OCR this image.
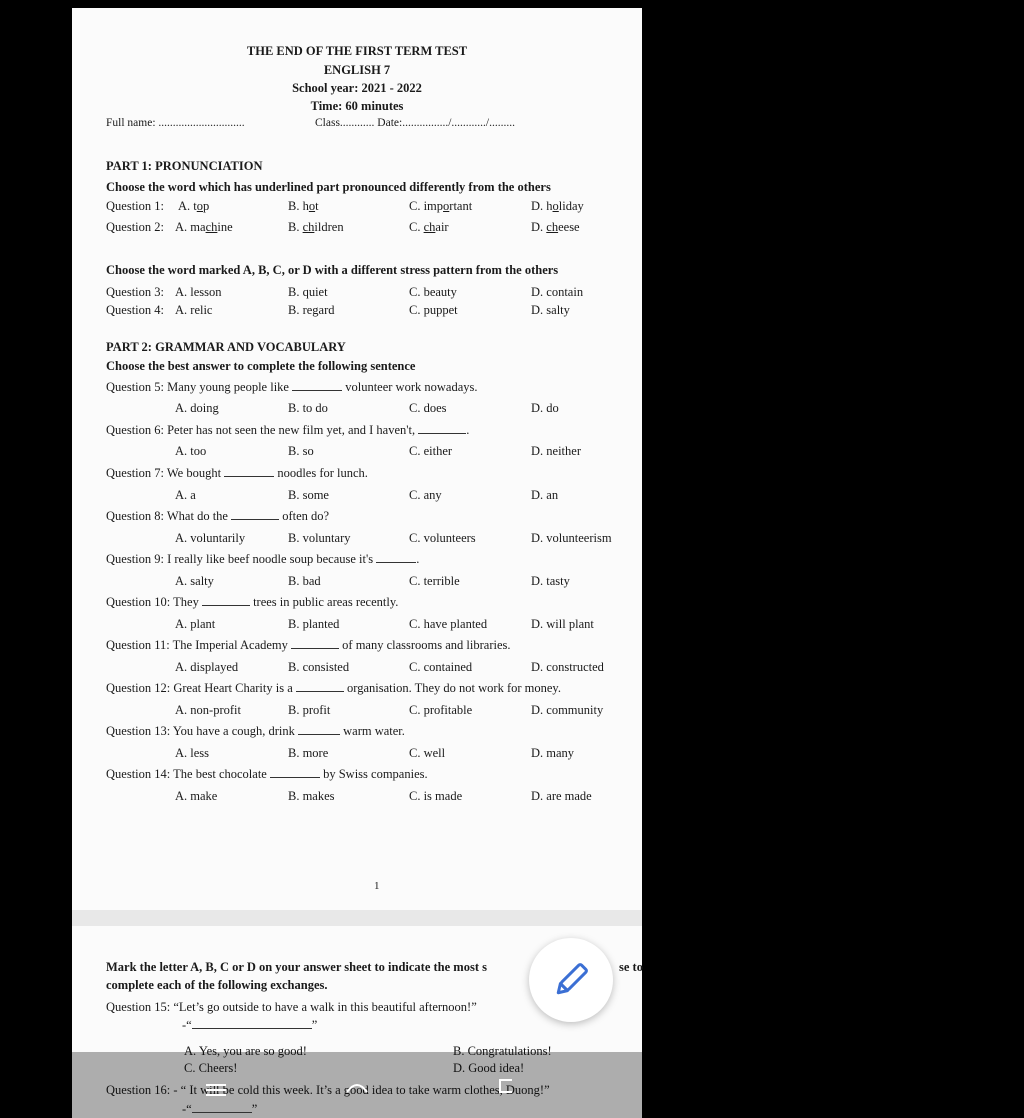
THE END OF THE FIRST TERM TEST
ENGLISH 7
School year: 2021 - 2022
Time: 60 minutes
Full name: ..............................	Class............ Date:................/............/.........
PART 1: PRONUNCIATION
Choose the word which has underlined part pronounced differently from the others
Question 1: A. top	B. hot	C. important	D. holiday
Question 2: A. machine	B. children	C. chair	D. cheese
Choose the word marked A, B, C, or D with a different stress pattern from the others
Question 3: A. lesson	B. quiet	C. beauty	D. contain
Question 4: A. relic	B. regard	C. puppet	D. salty
PART 2: GRAMMAR AND VOCABULARY
Choose the best answer to complete the following sentence
Question 5: Many young people like	volunteer work nowadays.
A. doing	B. to do	C. does	D. do
Question 6: Peter has not seen the new film yet, and I haven't,	.
A. too	B. so	C. either	D. neither
Question 7: We bought	noodles for lunch.
A. a	B. some	C. any	D. an
Question 8: What do the	often do?
A. voluntarily	B. voluntary	C. volunteers	D. volunteerism
Question 9: I really like beef noodle soup because it's	.
A. salty	B. bad	C. terrible	D. tasty
Question 10: They	trees in public areas recently.
A. plant	B. planted	C. have planted	D. will plant
Question 11: The Imperial Academy	of many classrooms and libraries.
A. displayed	B. consisted	C. contained	D. constructed
Question 12: Great Heart Charity is a	organisation. They do not work for money.
A. non-profit	B. profit	C. profitable	D. community
Question 13: You have a cough, drink	warm water.
A. less	B. more	C. well	D. many
Question 14: The best chocolate	by Swiss companies.
A. make	B. makes	C. is made	D. are made
1
Mark the letter A, B, C or D on your answer sheet to indicate the most s	se to
complete each of the following exchanges.
Question 15: “Let’s go outside to have a walk in this beautiful afternoon!”
-“	”
A. Yes, you are so good!	B. Congratulations!
C. Cheers!	D. Good idea!
Question 16: - “ It will be cold this week. It’s a good idea to take warm clothes, Duong!”
-“	”
